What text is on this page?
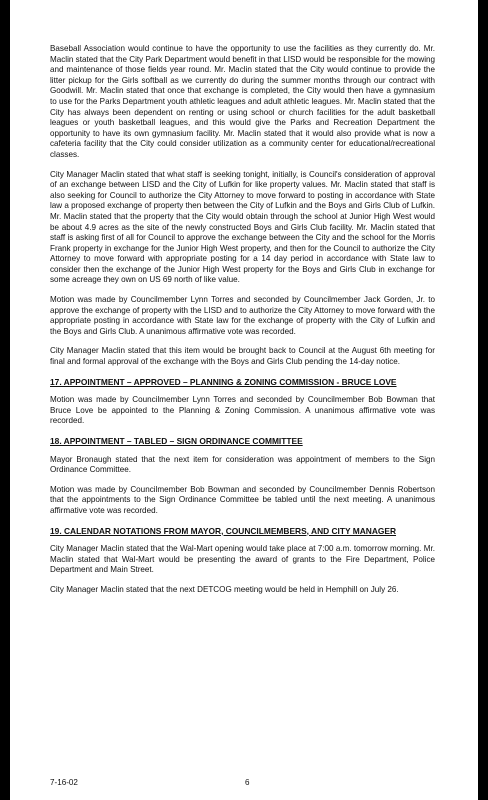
Baseball Association would continue to have the opportunity to use the facilities as they currently do. Mr. Maclin stated that the City Park Department would benefit in that LISD would be responsible for the mowing and maintenance of those fields year round. Mr. Maclin stated that the City would continue to provide the litter pickup for the Girls softball as we currently do during the summer months through our contract with Goodwill. Mr. Maclin stated that once that exchange is completed, the City would then have a gymnasium to use for the Parks Department youth athletic leagues and adult athletic leagues. Mr. Maclin stated that the City has always been dependent on renting or using school or church facilities for the adult basketball leagues or youth basketball leagues, and this would give the Parks and Recreation Department the opportunity to have its own gymnasium facility. Mr. Maclin stated that it would also provide what is now a cafeteria facility that the City could consider utilization as a community center for educational/recreational classes.

City Manager Maclin stated that what staff is seeking tonight, initially, is Council's consideration of approval of an exchange between LISD and the City of Lufkin for like property values. Mr. Maclin stated that staff is also seeking for Council to authorize the City Attorney to move forward to posting in accordance with State law a proposed exchange of property then between the City of Lufkin and the Boys and Girls Club of Lufkin. Mr. Maclin stated that the property that the City would obtain through the school at Junior High West would be about 4.9 acres as the site of the newly constructed Boys and Girls Club facility. Mr. Maclin stated that staff is asking first of all for Council to approve the exchange between the City and the school for the Morris Frank property in exchange for the Junior High West property, and then for the Council to authorize the City Attorney to move forward with appropriate posting for a 14 day period in accordance with State law to consider then the exchange of the Junior High West property for the Boys and Girls Club in exchange for some acreage they own on US 69 north of like value.

Motion was made by Councilmember Lynn Torres and seconded by Councilmember Jack Gorden, Jr. to approve the exchange of property with the LISD and to authorize the City Attorney to move forward with the appropriate posting in accordance with State law for the exchange of property with the City of Lufkin and the Boys and Girls Club. A unanimous affirmative vote was recorded.

City Manager Maclin stated that this item would be brought back to Council at the August 6th meeting for final and formal approval of the exchange with the Boys and Girls Club pending the 14-day notice.

17. APPOINTMENT – APPROVED – PLANNING & ZONING COMMISSION - BRUCE LOVE

Motion was made by Councilmember Lynn Torres and seconded by Councilmember Bob Bowman that Bruce Love be appointed to the Planning & Zoning Commission. A unanimous affirmative vote was recorded.

18. APPOINTMENT – TABLED – SIGN ORDINANCE COMMITTEE

Mayor Bronaugh stated that the next item for consideration was appointment of members to the Sign Ordinance Committee.

Motion was made by Councilmember Bob Bowman and seconded by Councilmember Dennis Robertson that the appointments to the Sign Ordinance Committee be tabled until the next meeting. A unanimous affirmative vote was recorded.

19. CALENDAR NOTATIONS FROM MAYOR, COUNCILMEMBERS, AND CITY MANAGER

City Manager Maclin stated that the Wal-Mart opening would take place at 7:00 a.m. tomorrow morning. Mr. Maclin stated that Wal-Mart would be presenting the award of grants to the Fire Department, Police Department and Main Street.

City Manager Maclin stated that the next DETCOG meeting would be held in Hemphill on July 26.

7-16-02	6
